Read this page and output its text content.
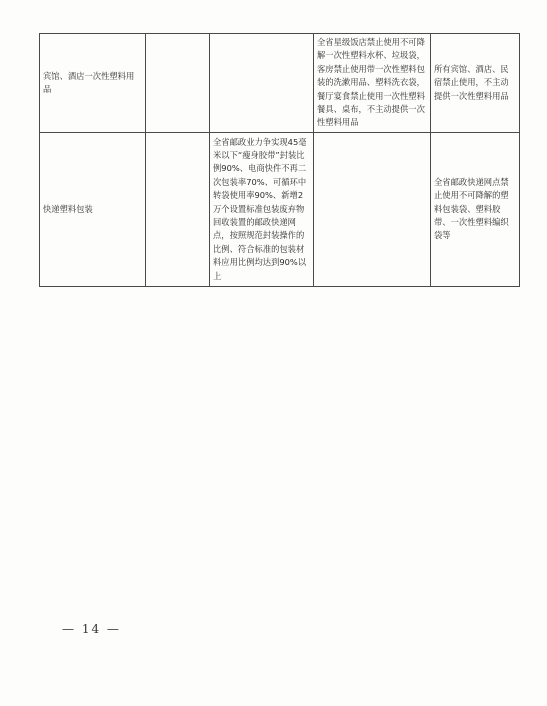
宾馆、酒店一次性塑料用品			全省星级饭店禁止使用不可降解一次性塑料水杯、垃圾袋，客房禁止使用带一次性塑料包装的洗漱用品、塑料洗衣袋，餐厅宴食禁止使用一次性塑料餐具、桌布，不主动提供一次性塑料用品	所有宾馆、酒店、民宿禁止使用，不主动提供一次性塑料用品
快递塑料包装		全省邮政业力争实现45毫米以下“瘦身胶带”封装比例90%、电商快件不再二次包装率70%、可循环中转袋使用率90%、新增2万个设置标准包装废弃物回收装置的邮政快递网点，按照规范封装操作的比例、符合标准的包装材料应用比例均达到90%以上		全省邮政快递网点禁止使用不可降解的塑料包装袋、塑料胶带、一次性塑料编织袋等
— 14 —
